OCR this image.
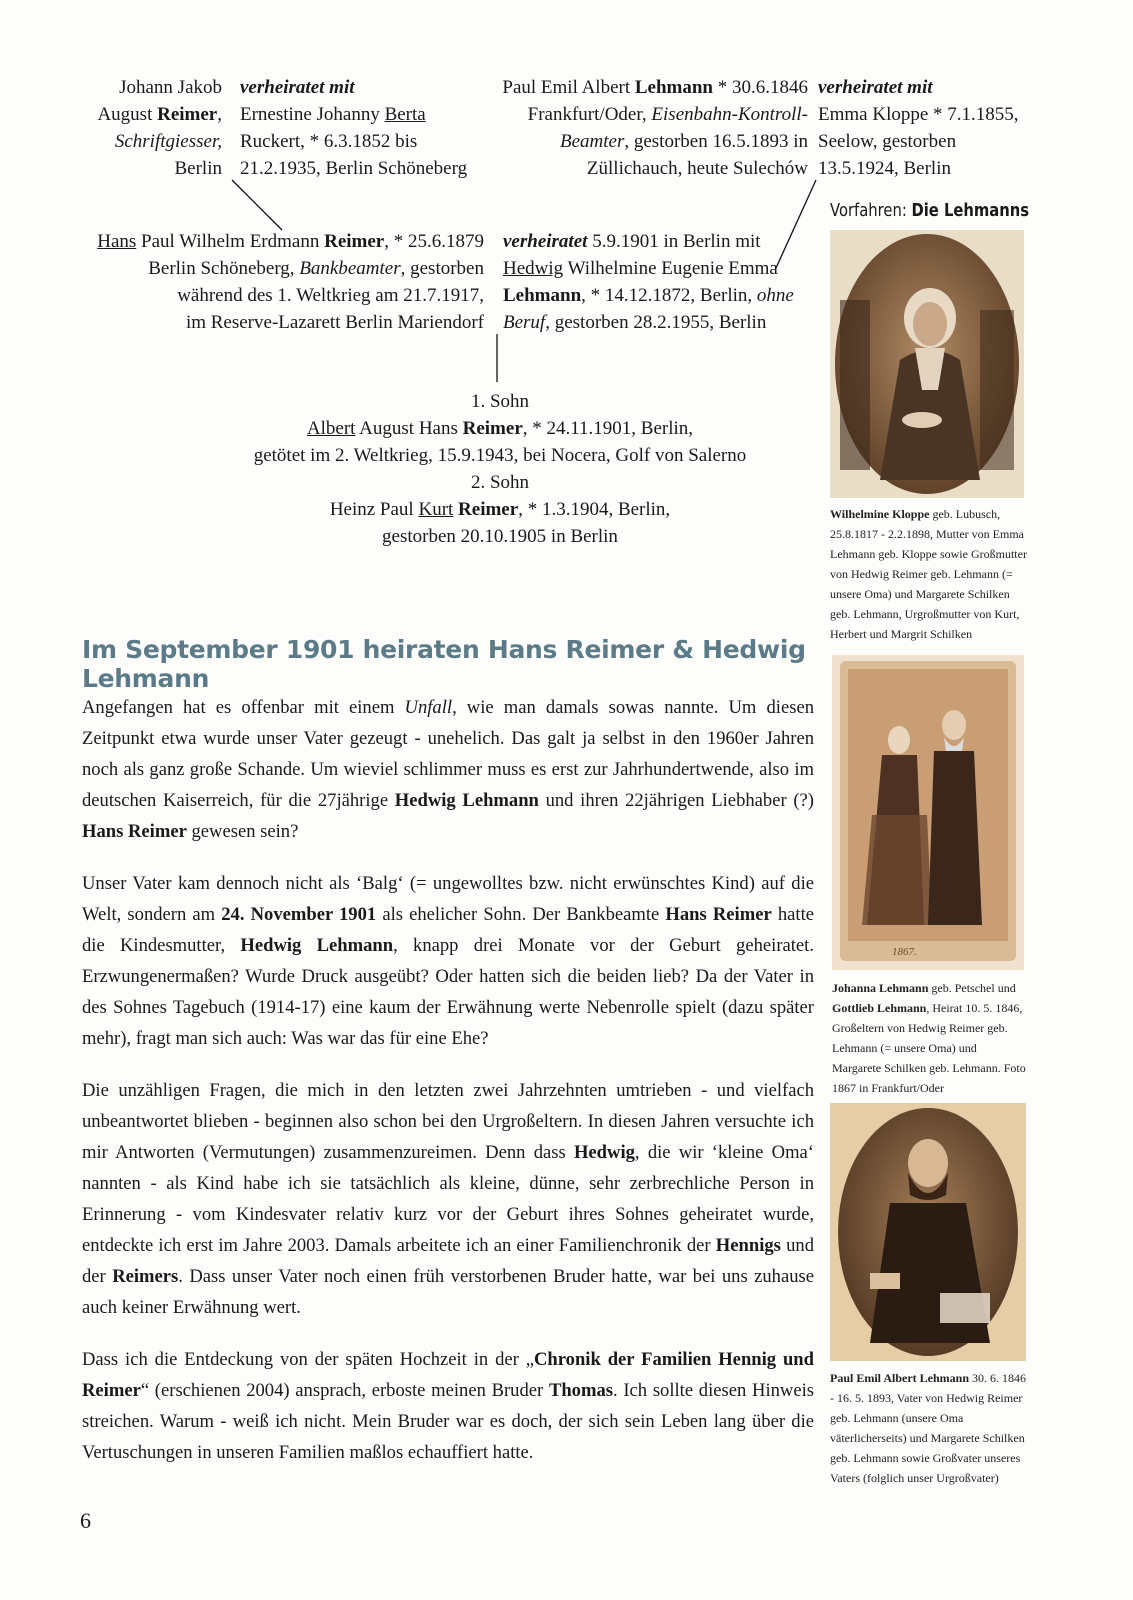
Johann Jakob
August Reimer,
Schriftgiesser,
Berlin
verheiratet mit
Ernestine Johanny Berta
Ruckert, * 6.3.1852 bis
21.2.1935, Berlin Schöneberg
Paul Emil Albert Lehmann * 30.6.1846
Frankfurt/Oder, Eisenbahn-Kontroll-
Beamter, gestorben 16.5.1893 in
Züllichauch, heute Sulechów
verheiratet mit
Emma Kloppe * 7.1.1855,
Seelow, gestorben
13.5.1924, Berlin
Hans Paul Wilhelm Erdmann Reimer, * 25.6.1879
Berlin Schöneberg, Bankbeamter, gestorben
während des 1. Weltkrieg am 21.7.1917,
im Reserve-Lazarett Berlin Mariendorf
verheiratet 5.9.1901 in Berlin mit
Hedwig Wilhelmine Eugenie Emma
Lehmann, * 14.12.1872, Berlin, ohne
Beruf, gestorben 28.2.1955, Berlin
1. Sohn
Albert August Hans Reimer, * 24.11.1901, Berlin,
getötet im 2. Weltkrieg, 15.9.1943, bei Nocera, Golf von Salerno
2. Sohn
Heinz Paul Kurt Reimer, * 1.3.1904, Berlin,
gestorben 20.10.1905 in Berlin
Vorfahren: Die Lehmanns
Wilhelmine Kloppe geb. Lubusch, 25.8.1817 - 2.2.1898, Mutter von Emma Lehmann geb. Kloppe sowie Großmutter von Hedwig Reimer geb. Lehmann (= unsere Oma) und Margarete Schilken geb. Lehmann, Urgroßmutter von Kurt, Herbert und Margrit Schilken
1867.
Johanna Lehmann geb. Petschel und Gottlieb Lehmann, Heirat 10. 5. 1846, Großeltern von Hedwig Reimer geb. Lehmann (= unsere Oma) und Margarete Schilken geb. Lehmann. Foto 1867 in Frankfurt/Oder
Paul Emil Albert Lehmann 30. 6. 1846 - 16. 5. 1893, Vater von Hedwig Reimer geb. Lehmann (unsere Oma väterlicherseits) und Margarete Schilken geb. Lehmann sowie Großvater unseres Vaters (folglich unser Urgroßvater)
Im September 1901 heiraten Hans Reimer & Hedwig Lehmann
Angefangen hat es offenbar mit einem Unfall, wie man damals sowas nannte. Um diesen Zeitpunkt etwa wurde unser Vater gezeugt - unehelich. Das galt ja selbst in den 1960er Jahren noch als ganz große Schande. Um wieviel schlimmer muss es erst zur Jahrhundertwende, also im deutschen Kaiserreich, für die 27jährige Hedwig Lehmann und ihren 22jährigen Liebhaber (?) Hans Reimer gewesen sein?
Unser Vater kam dennoch nicht als ‘Balg‘ (= ungewolltes bzw. nicht erwünschtes Kind) auf die Welt, sondern am 24. November 1901 als ehelicher Sohn. Der Bankbeamte Hans Reimer hatte die Kindesmutter, Hedwig Lehmann, knapp drei Monate vor der Geburt geheiratet. Erzwungenermaßen? Wurde Druck ausgeübt? Oder hatten sich die beiden lieb? Da der Vater in des Sohnes Tagebuch (1914-17) eine kaum der Erwähnung werte Nebenrolle spielt (dazu später mehr), fragt man sich auch: Was war das für eine Ehe?
Die unzähligen Fragen, die mich in den letzten zwei Jahrzehnten umtrieben - und vielfach unbeantwortet blieben - beginnen also schon bei den Urgroßeltern. In diesen Jahren versuchte ich mir Antworten (Vermutungen) zusammenzureimen. Denn dass Hedwig, die wir ‘kleine Oma‘ nannten - als Kind habe ich sie tatsächlich als kleine, dünne, sehr zerbrechliche Person in Erinnerung - vom Kindesvater relativ kurz vor der Geburt ihres Sohnes geheiratet wurde, entdeckte ich erst im Jahre 2003. Damals arbeitete ich an einer Familienchronik der Hennigs und der Reimers. Dass unser Vater noch einen früh verstorbenen Bruder hatte, war bei uns zuhause auch keiner Erwähnung wert.
Dass ich die Entdeckung von der späten Hochzeit in der „Chronik der Familien Hennig und Reimer“ (erschienen 2004) ansprach, erboste meinen Bruder Thomas. Ich sollte diesen Hinweis streichen. Warum - weiß ich nicht. Mein Bruder war es doch, der sich sein Leben lang über die Vertuschungen in unseren Familien maßlos echauffiert hatte.
6
